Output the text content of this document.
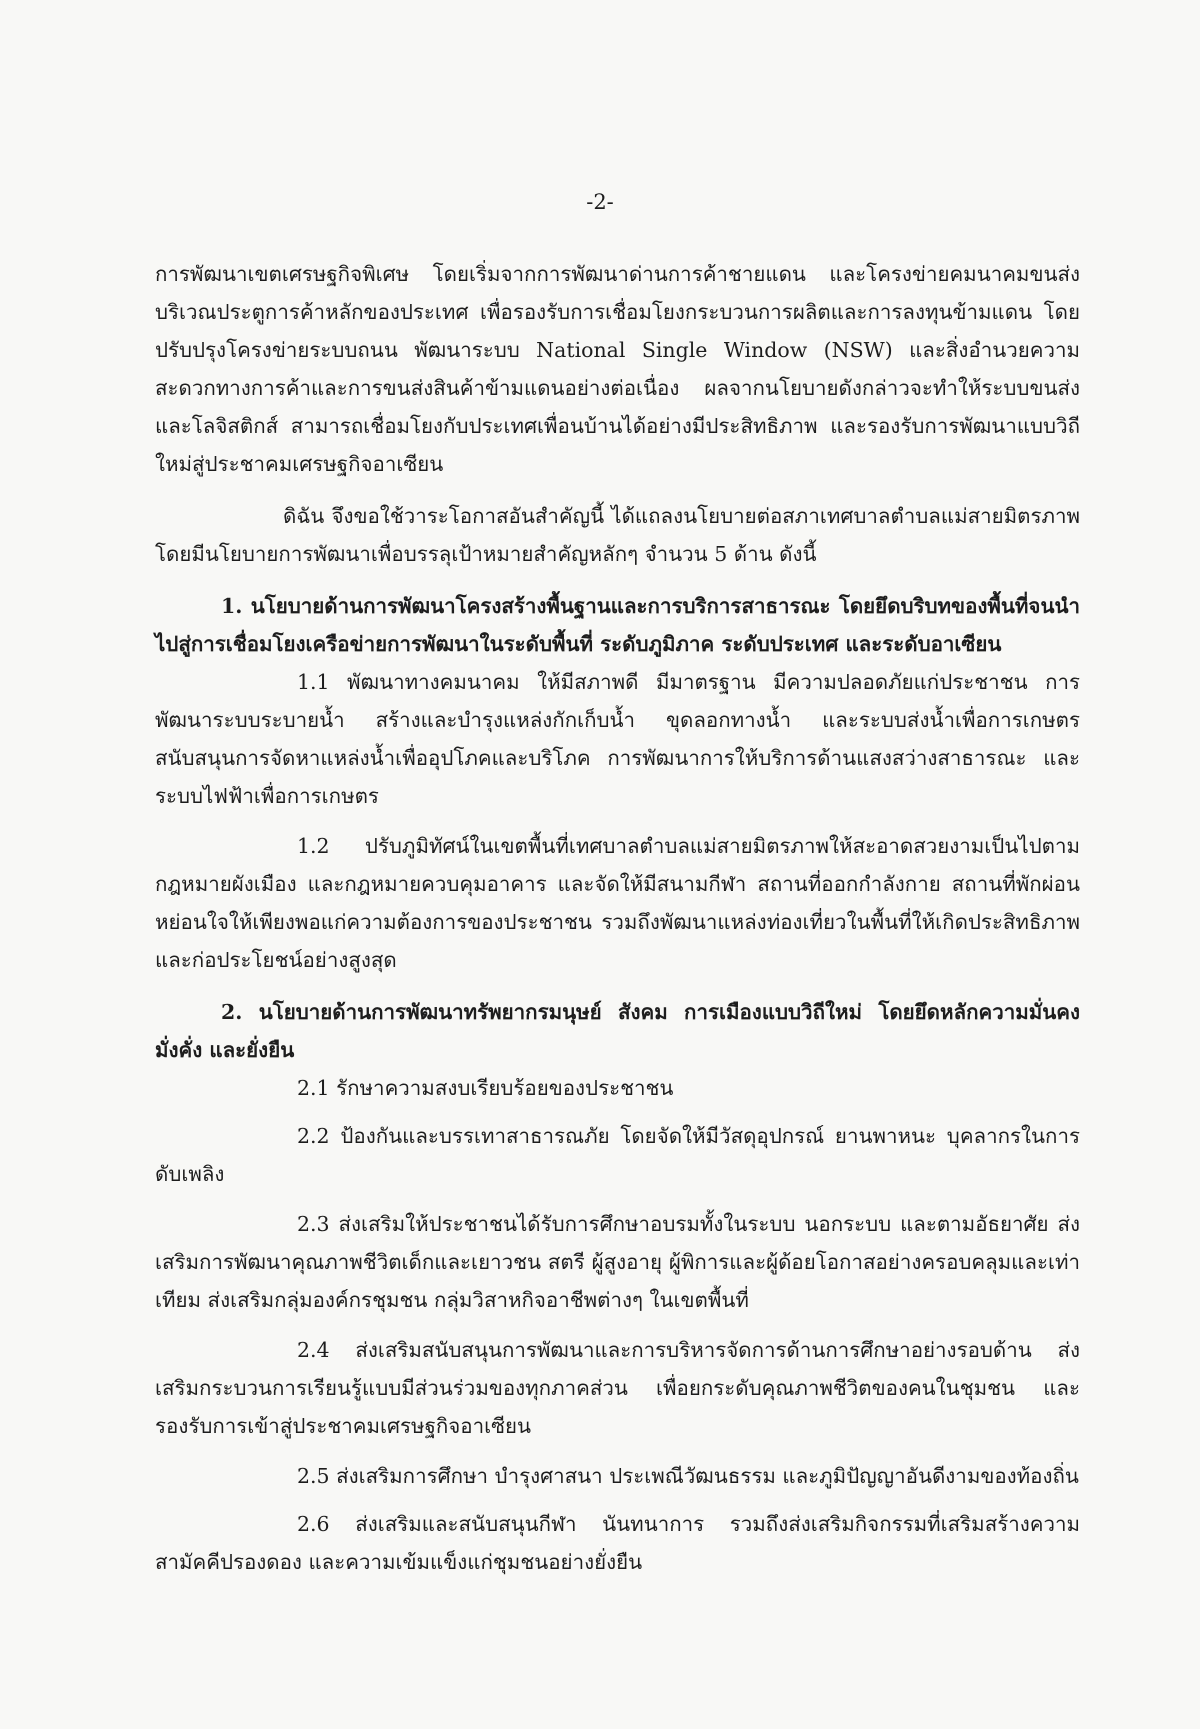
-2-

การพัฒนาเขตเศรษฐกิจพิเศษ โดยเริ่มจากการพัฒนาด่านการค้าชายแดน และโครงข่ายคมนาคมขนส่งบริเวณประตูการค้าหลักของประเทศ เพื่อรองรับการเชื่อมโยงกระบวนการผลิตและการลงทุนข้ามแดน โดยปรับปรุงโครงข่ายระบบถนน พัฒนาระบบ National Single Window (NSW) และสิ่งอำนวยความสะดวกทางการค้าและการขนส่งสินค้าข้ามแดนอย่างต่อเนื่อง ผลจากนโยบายดังกล่าวจะทำให้ระบบขนส่งและโลจิสติกส์ สามารถเชื่อมโยงกับประเทศเพื่อนบ้านได้อย่างมีประสิทธิภาพ และรองรับการพัฒนาแบบวิถีใหม่สู่ประชาคมเศรษฐกิจอาเซียน

ดิฉัน จึงขอใช้วาระโอกาสอันสำคัญนี้ ได้แถลงนโยบายต่อสภาเทศบาลตำบลแม่สายมิตรภาพ โดยมีนโยบายการพัฒนาเพื่อบรรลุเป้าหมายสำคัญหลักๆ จำนวน 5 ด้าน ดังนี้

1. นโยบายด้านการพัฒนาโครงสร้างพื้นฐานและการบริการสาธารณะ โดยยึดบริบทของพื้นที่จนนำไปสู่การเชื่อมโยงเครือข่ายการพัฒนาในระดับพื้นที่ ระดับภูมิภาค ระดับประเทศ และระดับอาเซียน

1.1 พัฒนาทางคมนาคม ให้มีสภาพดี มีมาตรฐาน มีความปลอดภัยแก่ประชาชน การพัฒนาระบบระบายน้ำ สร้างและบำรุงแหล่งกักเก็บน้ำ ขุดลอกทางน้ำ และระบบส่งน้ำเพื่อการเกษตร สนับสนุนการจัดหาแหล่งน้ำเพื่ออุปโภคและบริโภค การพัฒนาการให้บริการด้านแสงสว่างสาธารณะ และระบบไฟฟ้าเพื่อการเกษตร

1.2 ปรับภูมิทัศน์ในเขตพื้นที่เทศบาลตำบลแม่สายมิตรภาพให้สะอาดสวยงามเป็นไปตามกฎหมายผังเมือง และกฎหมายควบคุมอาคาร และจัดให้มีสนามกีฬา สถานที่ออกกำลังกาย สถานที่พักผ่อนหย่อนใจให้เพียงพอแก่ความต้องการของประชาชน รวมถึงพัฒนาแหล่งท่องเที่ยวในพื้นที่ให้เกิดประสิทธิภาพและก่อประโยชน์อย่างสูงสุด

2. นโยบายด้านการพัฒนาทรัพยากรมนุษย์ สังคม การเมืองแบบวิถีใหม่ โดยยึดหลักความมั่นคง มั่งคั่ง และยั่งยืน

2.1 รักษาความสงบเรียบร้อยของประชาชน

2.2 ป้องกันและบรรเทาสาธารณภัย โดยจัดให้มีวัสดุอุปกรณ์ ยานพาหนะ บุคลากรในการดับเพลิง

2.3 ส่งเสริมให้ประชาชนได้รับการศึกษาอบรมทั้งในระบบ นอกระบบ และตามอัธยาศัย ส่งเสริมการพัฒนาคุณภาพชีวิตเด็กและเยาวชน สตรี ผู้สูงอายุ ผู้พิการและผู้ด้อยโอกาสอย่างครอบคลุมและเท่าเทียม ส่งเสริมกลุ่มองค์กรชุมชน กลุ่มวิสาหกิจอาชีพต่างๆ ในเขตพื้นที่

2.4 ส่งเสริมสนับสนุนการพัฒนาและการบริหารจัดการด้านการศึกษาอย่างรอบด้าน ส่งเสริมกระบวนการเรียนรู้แบบมีส่วนร่วมของทุกภาคส่วน เพื่อยกระดับคุณภาพชีวิตของคนในชุมชน และรองรับการเข้าสู่ประชาคมเศรษฐกิจอาเซียน

2.5 ส่งเสริมการศึกษา บำรุงศาสนา ประเพณีวัฒนธรรม และภูมิปัญญาอันดีงามของท้องถิ่น

2.6 ส่งเสริมและสนับสนุนกีฬา นันทนาการ รวมถึงส่งเสริมกิจกรรมที่เสริมสร้างความสามัคคีปรองดอง และความเข้มแข็งแก่ชุมชนอย่างยั่งยืน
